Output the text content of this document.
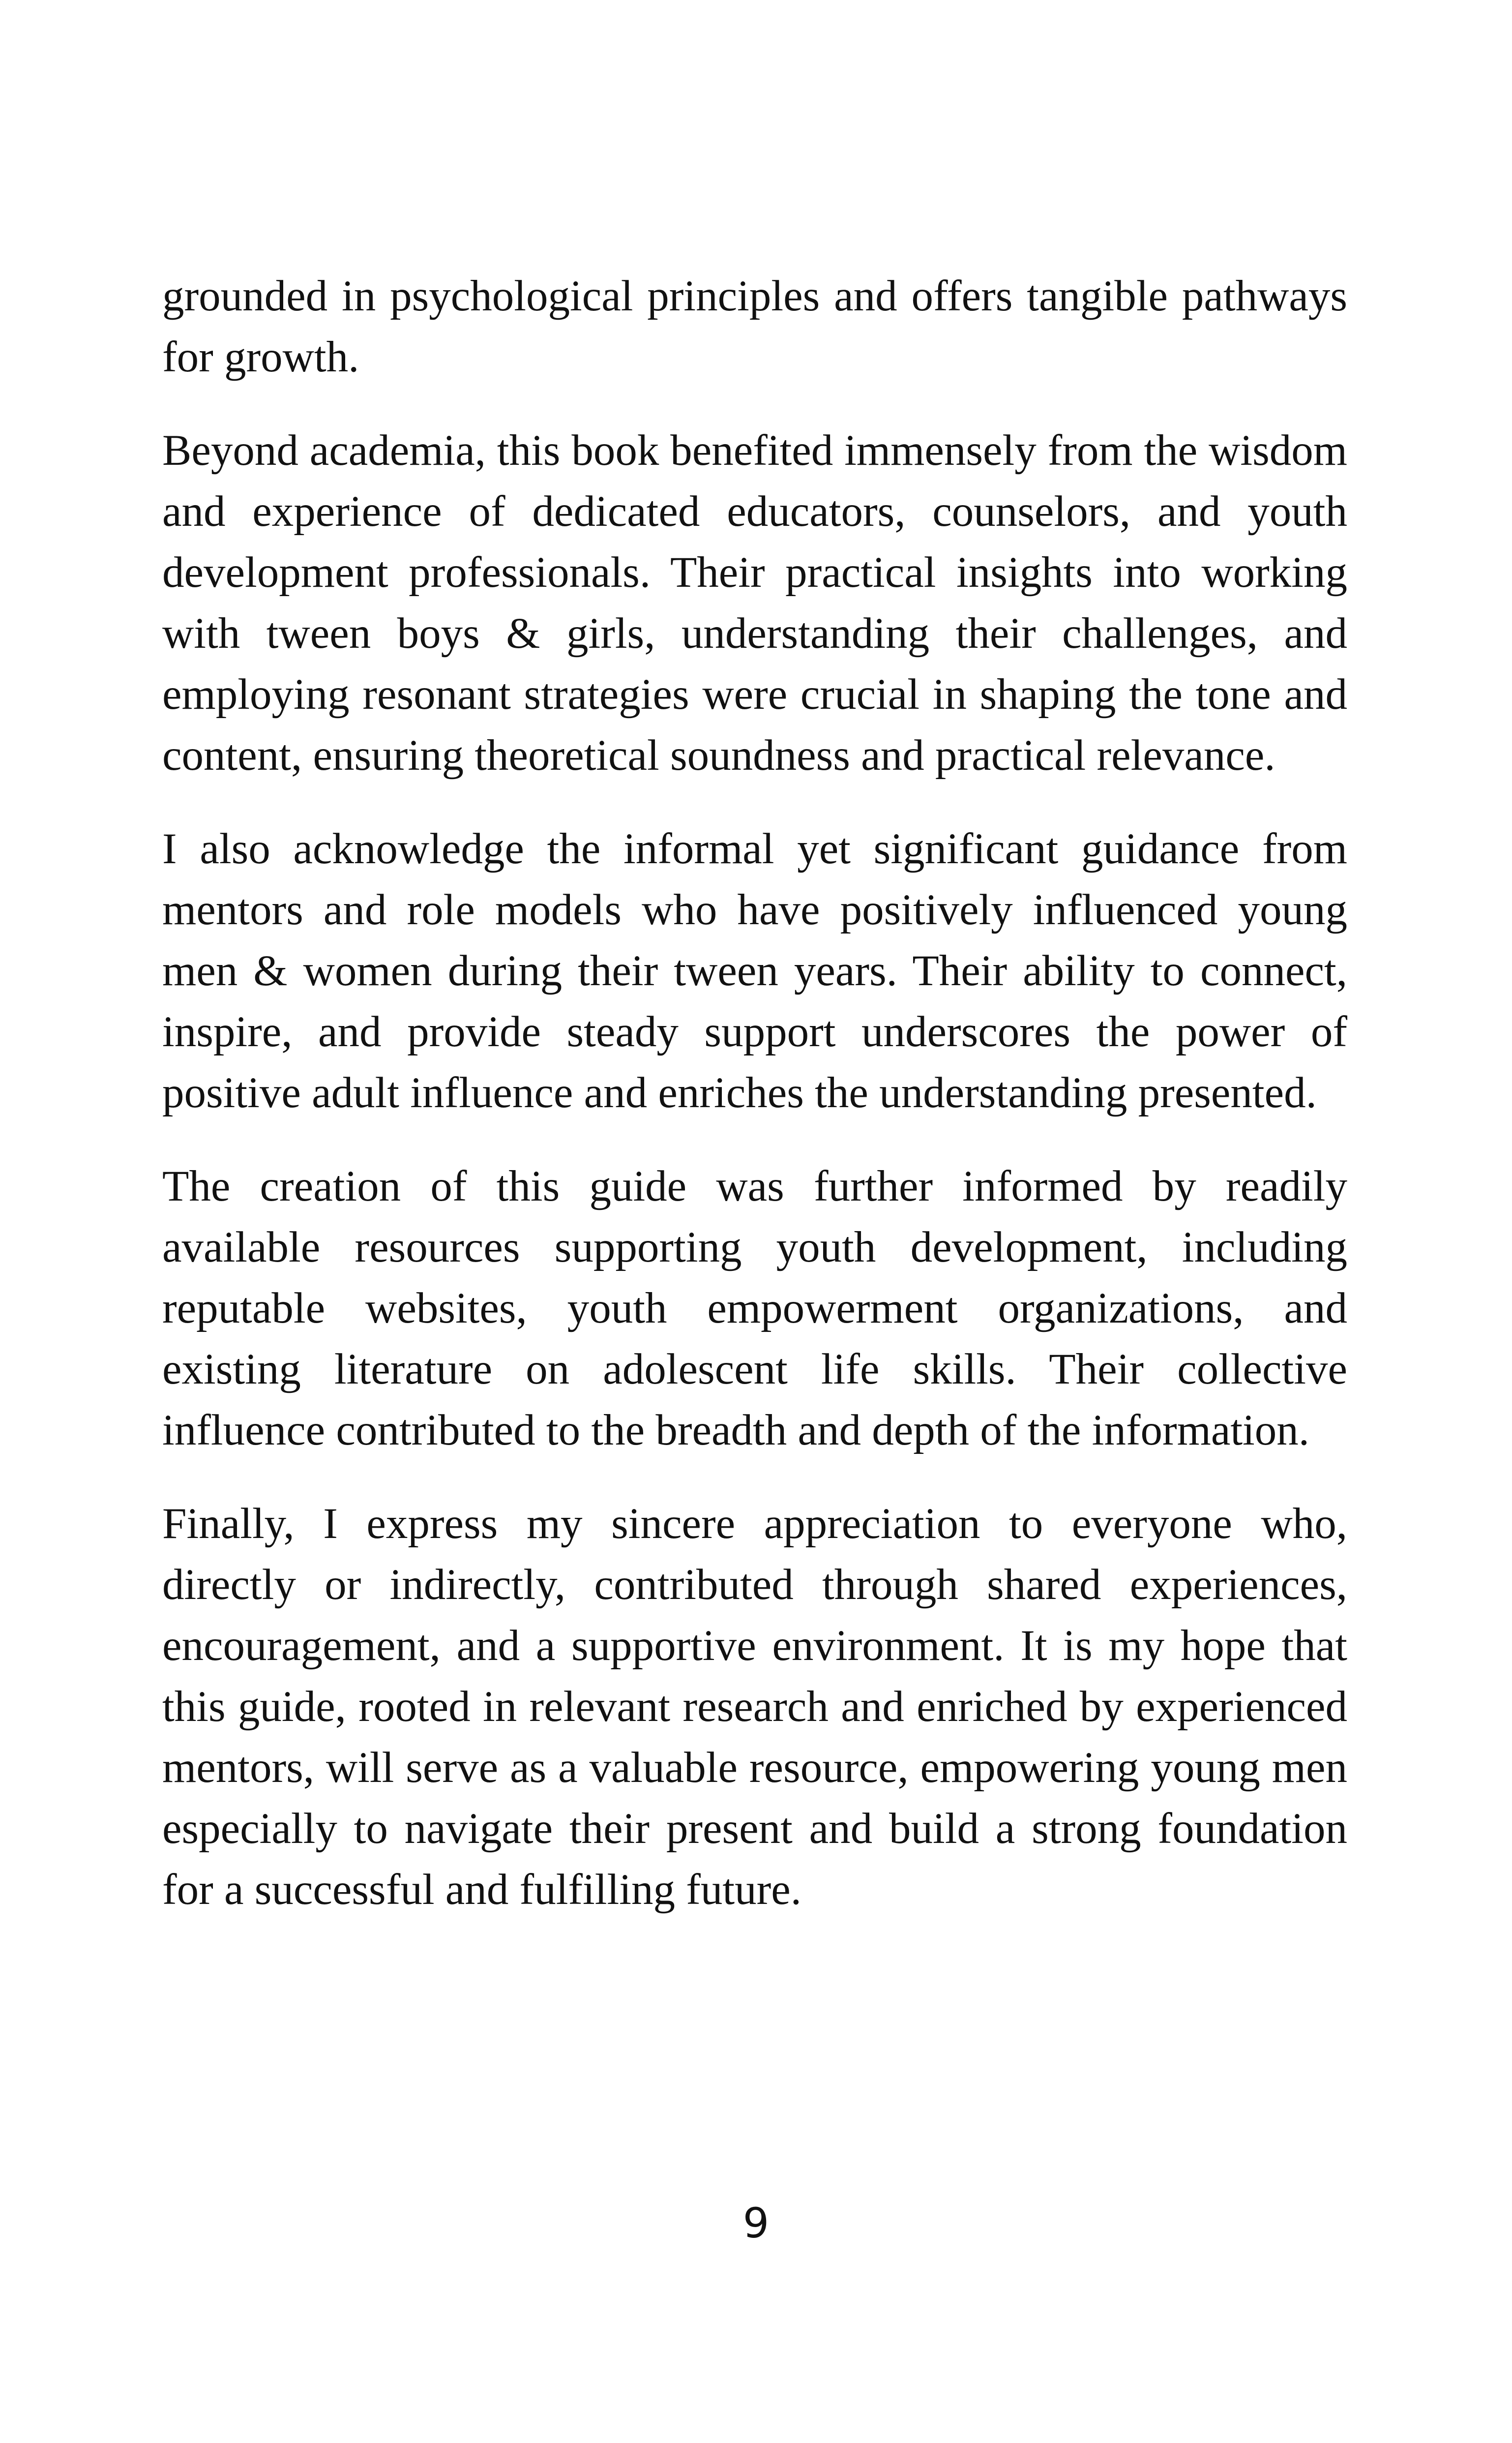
grounded in psychological principles and offers tangible pathways for growth.

Beyond academia, this book benefited immensely from the wisdom and experience of dedicated educators, counselors, and youth development professionals. Their practical insights into working with tween boys & girls, understanding their challenges, and employing resonant strategies were crucial in shaping the tone and content, ensuring theoretical soundness and practical relevance.

I also acknowledge the informal yet significant guidance from mentors and role models who have positively influenced young men & women during their tween years. Their ability to connect, inspire, and provide steady support underscores the power of positive adult influence and enriches the understanding presented.

The creation of this guide was further informed by readily available resources supporting youth development, including reputable websites, youth empowerment organizations, and existing literature on adolescent life skills. Their collective influence contributed to the breadth and depth of the information.

Finally, I express my sincere appreciation to everyone who, directly or indirectly, contributed through shared experiences, encouragement, and a supportive environment. It is my hope that this guide, rooted in relevant research and enriched by experienced mentors, will serve as a valuable resource, empowering young men especially to navigate their present and build a strong foundation for a successful and fulfilling future.

9
